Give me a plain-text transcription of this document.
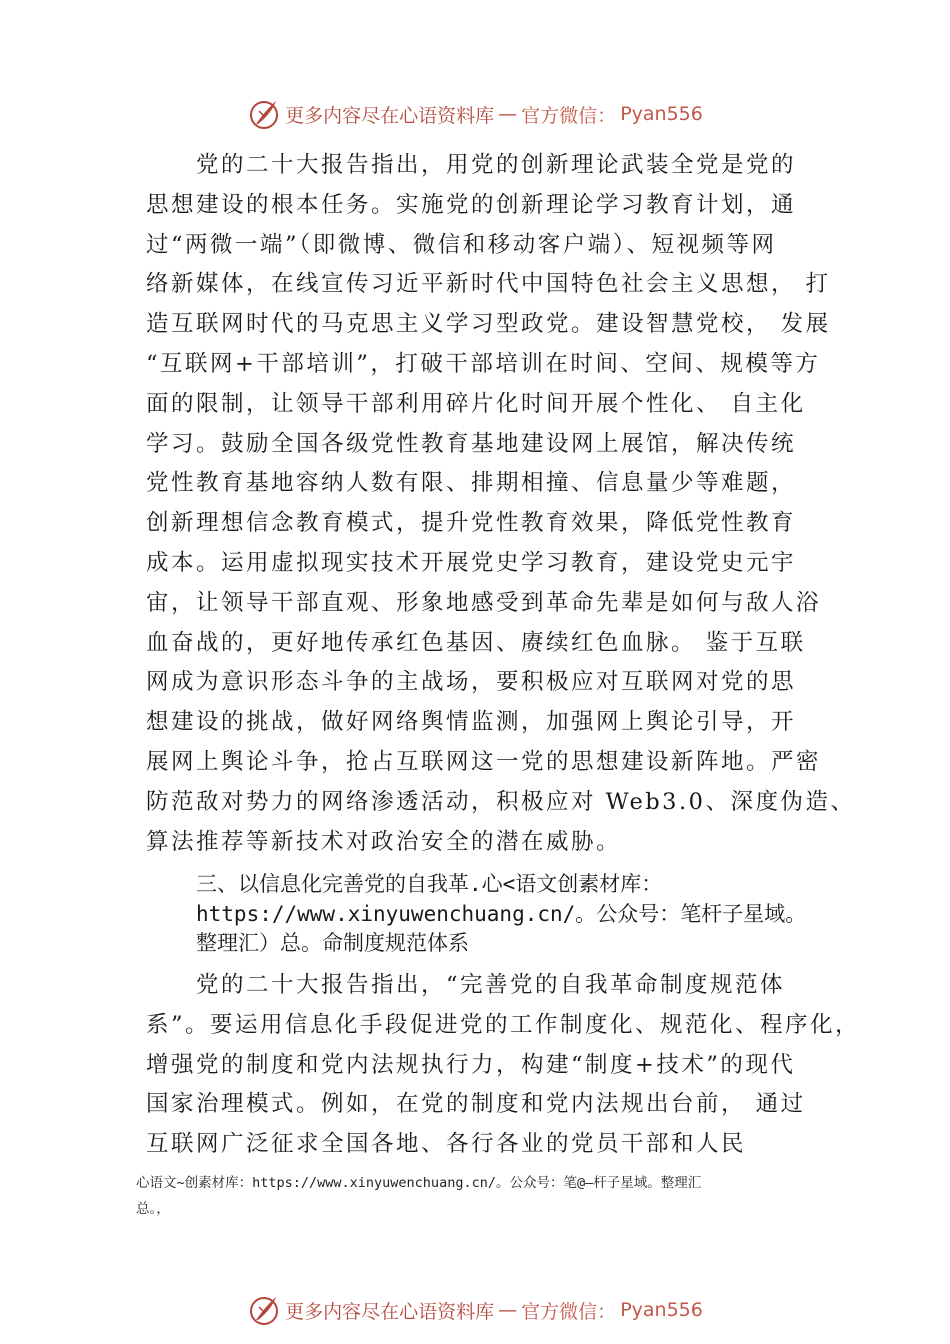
更多内容尽在心语资料库 — 官方微信： Pyan556
　　党的二十大报告指出，用党的创新理论武装全党是党的
思想建设的根本任务。实施党的创新理论学习教育计划，通
过“两微一端”（即微博、微信和移动客户端）、短视频等网
络新媒体，在线宣传习近平新时代中国特色社会主义思想， 打
造互联网时代的马克思主义学习型政党。建设智慧党校， 发展
“互联网+干部培训”，打破干部培训在时间、空间、规模等方
面的限制，让领导干部利用碎片化时间开展个性化、 自主化
学习。鼓励全国各级党性教育基地建设网上展馆，解决传统
党性教育基地容纳人数有限、排期相撞、信息量少等难题，
创新理想信念教育模式，提升党性教育效果，降低党性教育
成本。运用虚拟现实技术开展党史学习教育，建设党史元宇
宙，让领导干部直观、形象地感受到革命先辈是如何与敌人浴
血奋战的，更好地传承红色基因、赓续红色血脉。 鉴于互联
网成为意识形态斗争的主战场，要积极应对互联网对党的思
想建设的挑战，做好网络舆情监测，加强网上舆论引导，开
展网上舆论斗争，抢占互联网这一党的思想建设新阵地。严密
防范敌对势力的网络渗透活动，积极应对 Web3.0、深度伪造、
算法推荐等新技术对政治安全的潜在威胁。
三、以信息化完善党的自我革.心<语文创素材库：
https://www.xinyuwenchuang.cn/。公众号：笔杆子星域。
整理汇）总。命制度规范体系
　　党的二十大报告指出，“完善党的自我革命制度规范体
系”。要运用信息化手段促进党的工作制度化、规范化、程序化，
增强党的制度和党内法规执行力，构建“制度+技术”的现代
国家治理模式。例如，在党的制度和党内法规出台前， 通过
互联网广泛征求全国各地、各行各业的党员干部和人民
心语文~创素材库：https://www.xinyuwenchuang.cn/。公众号：笔@—杆子星域。整理汇
总。，
更多内容尽在心语资料库 — 官方微信： Pyan556
